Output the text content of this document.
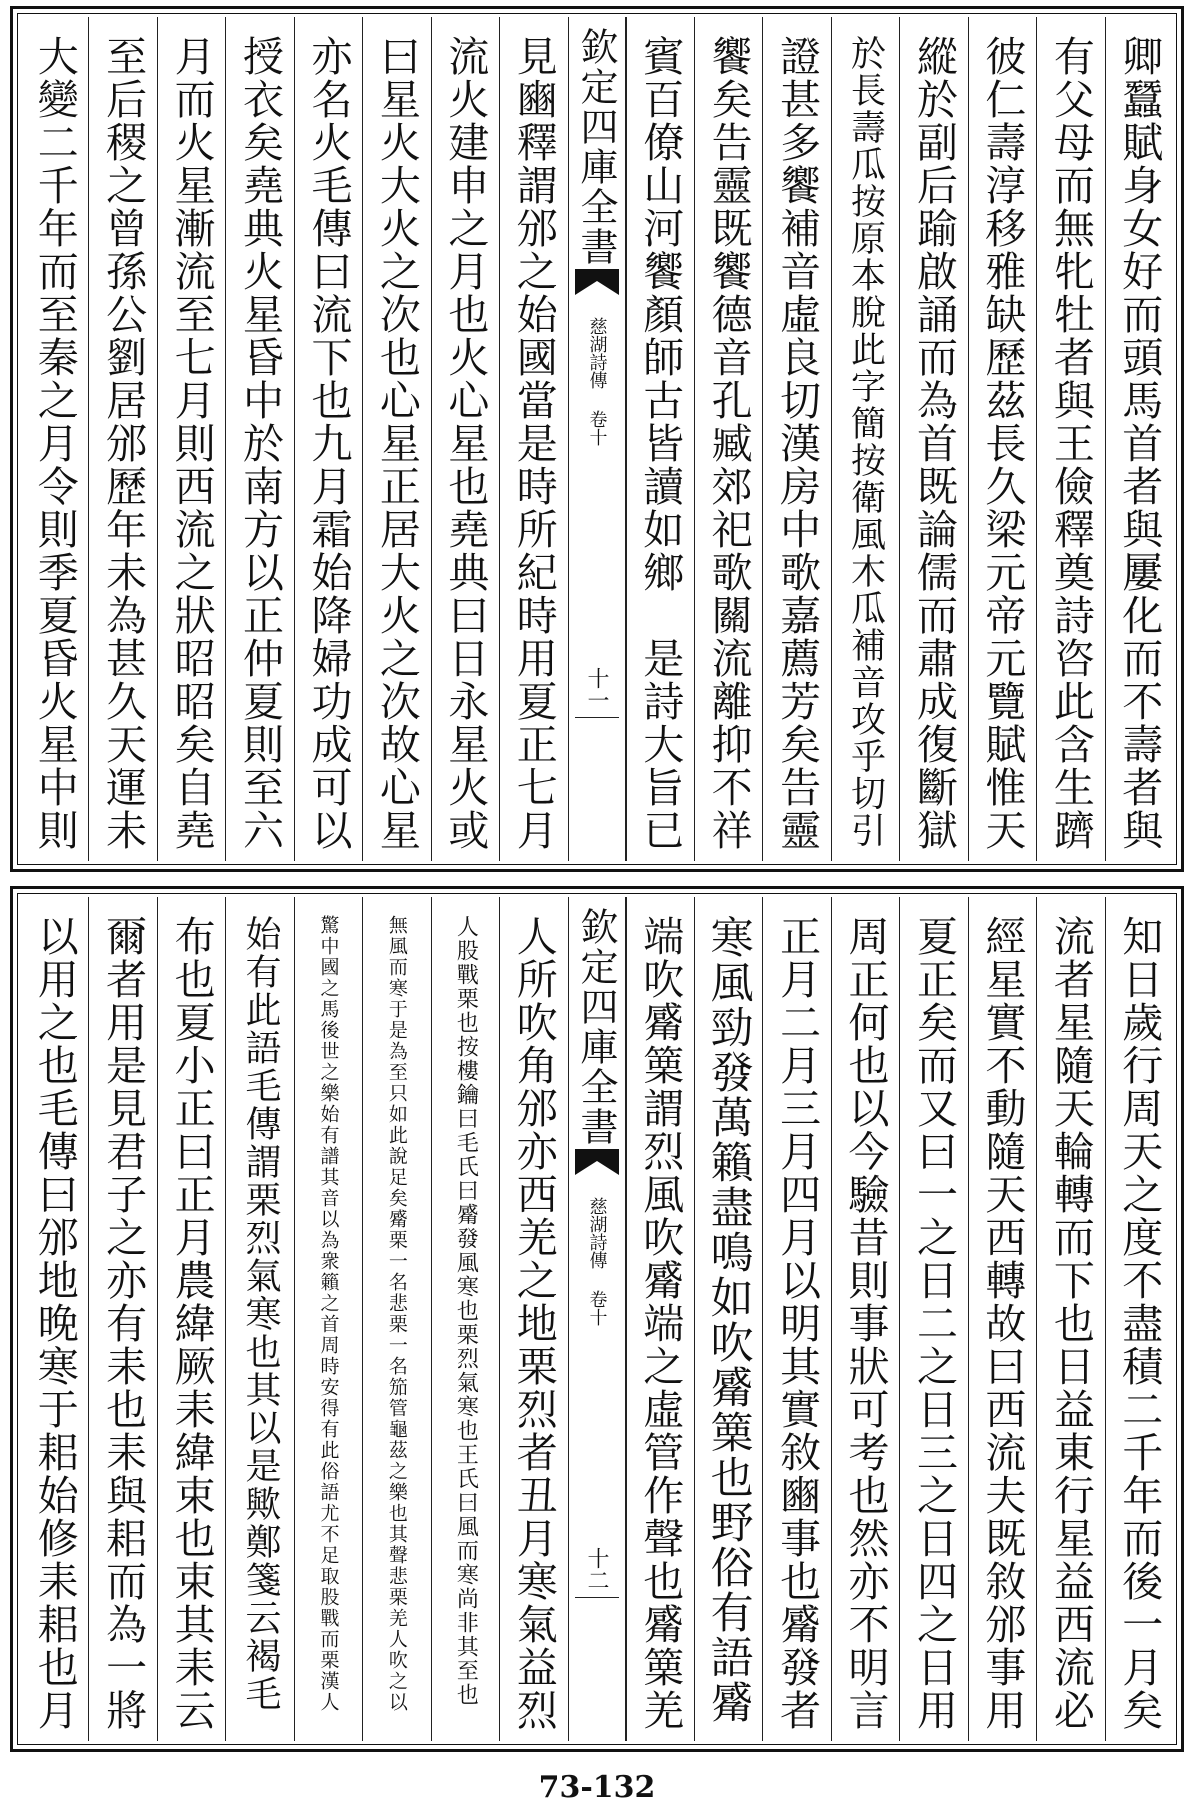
卿蠶賦身女好而頭馬首者與屢化而不壽者與
有父母而無牝牡者與王儉釋奠詩咨此含生躋
彼仁壽淳移雅缺歷茲長久梁元帝元覽賦惟天
縱於副后踰啟誦而為首既論儒而肅成復斷獄
於長壽瓜按原本脫此字簡按衛風木瓜補音攻乎切引
證甚多饗補音虛良切漢房中歌嘉薦芳矣告靈
饗矣告靈既饗德音孔臧郊祀歌關流離抑不祥
賓百僚山河饗顏師古皆讀如鄉　是詩大旨已
欽定四庫全書
慈湖詩傳 卷十
十一
見豳釋謂邠之始國當是時所紀時用夏正七月
流火建申之月也火心星也堯典曰日永星火或
曰星火大火之次也心星正居大火之次故心星
亦名火毛傳曰流下也九月霜始降婦功成可以
授衣矣堯典火星昏中於南方以正仲夏則至六
月而火星漸流至七月則西流之狀昭昭矣自堯
至后稷之曾孫公劉居邠歷年未為甚久天運未
大變二千年而至秦之月令則季夏昏火星中則
知日歲行周天之度不盡積二千年而後一月矣
流者星隨天輪轉而下也日益東行星益西流必
經星實不動隨天西轉故曰西流夫既敘邠事用
夏正矣而又曰一之日二之日三之日四之日用
周正何也以今驗昔則事狀可考也然亦不明言
正月二月三月四月以明其實敘豳事也觱發者
寒風勁發萬籟盡鳴如吹觱篥也野俗有語觱
端吹觱篥謂烈風吹觱端之虛管作聲也觱篥羌
欽定四庫全書
慈湖詩傳 卷十
十二
人所吹角邠亦西羌之地栗烈者丑月寒氣益烈
人股戰栗也按樓鑰曰毛氏曰觱發風寒也栗烈氣寒也王氏曰風而寒尚非其至也
無風而寒于是為至只如此說足矣觱栗一名悲栗一名笳管龜茲之樂也其聲悲栗羌人吹之以
驚中國之馬後世之樂始有譜其音以為衆籟之首周時安得有此俗語尤不足取股戰而栗漢人
始有此語毛傳謂栗烈氣寒也其以是歟鄭箋云褐毛
布也夏小正曰正月農緯厥耒緯束也束其耒云
爾者用是見君子之亦有耒也耒與耜而為一將
以用之也毛傳曰邠地晚寒于耜始修耒耜也月
73-132
